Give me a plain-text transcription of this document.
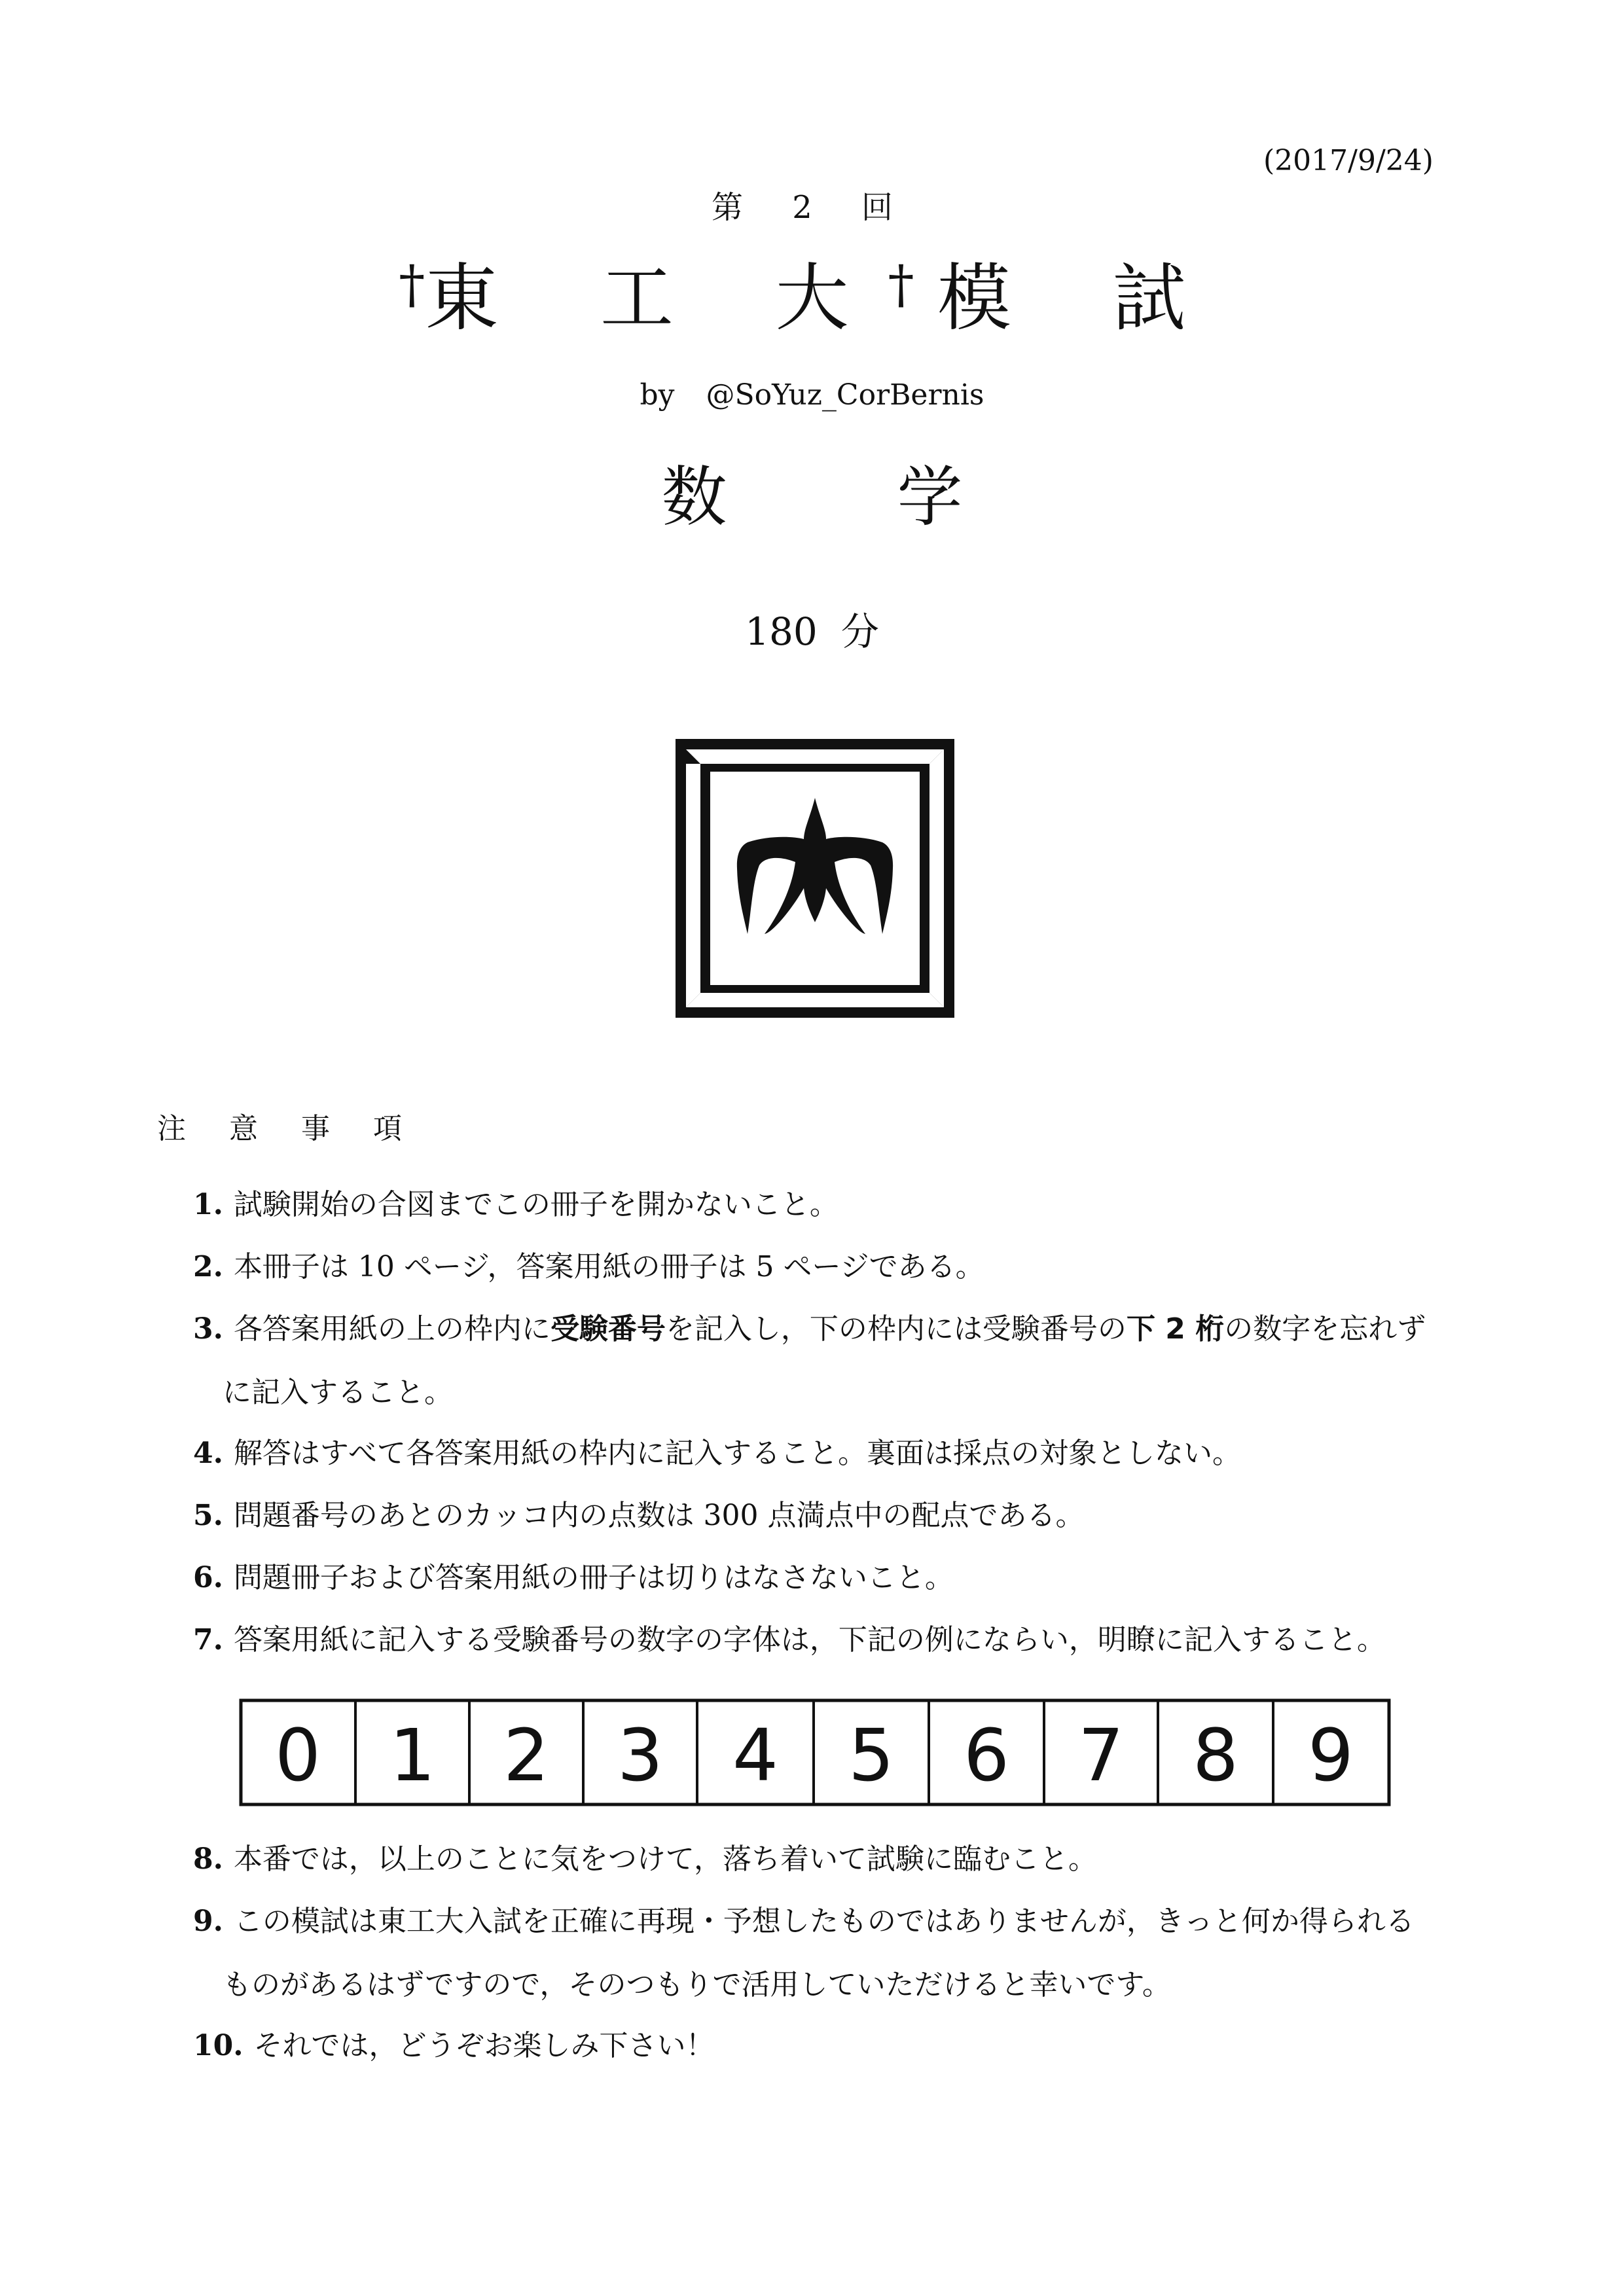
(2017/9/24)
第 2 回
†東 工 大† 模 試
by @SoYuz_CorBernis
数	学
180 分
注 意 事 項
1. 試験開始の合図までこの冊子を開かないこと。
2. 本冊子は 10 ページ，答案用紙の冊子は 5 ページである。
3. 各答案用紙の上の枠内に受験番号を記入し，下の枠内には受験番号の下 2 桁の数字を忘れず
に記入すること。
4. 解答はすべて各答案用紙の枠内に記入すること。裏面は採点の対象としない。
5. 問題番号のあとのカッコ内の点数は 300 点満点中の配点である。
6. 問題冊子および答案用紙の冊子は切りはなさないこと。
7. 答案用紙に記入する受験番号の数字の字体は，下記の例にならい，明瞭に記入すること。
0 1 2 3 4 5 6 7 8 9
8. 本番では，以上のことに気をつけて，落ち着いて試験に臨むこと。
9. この模試は東工大入試を正確に再現・予想したものではありませんが，きっと何か得られる
ものがあるはずですので，そのつもりで活用していただけると幸いです。
10. それでは，どうぞお楽しみ下さい！
